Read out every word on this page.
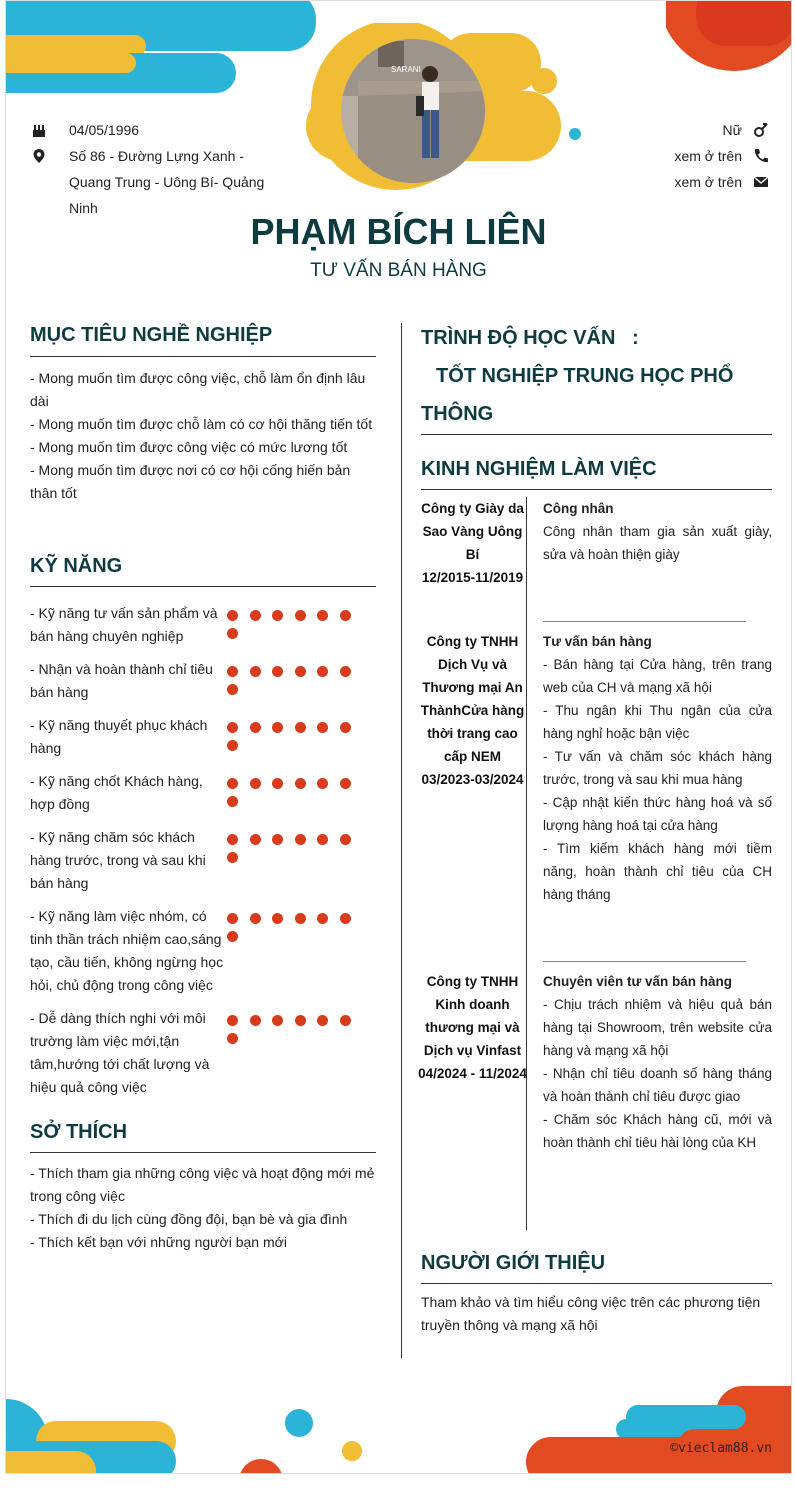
SARANI
04/05/1996
Số 86 - Đường Lựng Xanh - Quang Trung - Uông Bí- Quảng Ninh
Nữ
xem ở trên
xem ở trên
PHẠM BÍCH LIÊN
TƯ VẤN BÁN HÀNG
MỤC TIÊU NGHỀ NGHIỆP
- Mong muốn tìm được công việc, chỗ làm ổn định lâu dài
- Mong muốn tìm được chỗ làm có cơ hội thăng tiến tốt
- Mong muốn tìm được công việc có mức lương tốt
- Mong muốn tìm được nơi có cơ hội cống hiến bản thân tốt
KỸ NĂNG
- Kỹ năng tư vấn sản phẩm và bán hàng chuyên nghiệp
- Nhận và hoàn thành chỉ tiêu bán hàng
- Kỹ năng thuyết phục khách hàng
- Kỹ năng chốt Khách hàng, hợp đồng
- Kỹ năng chăm sóc khách hàng trước, trong và sau khi bán hàng
- Kỹ năng làm việc nhóm, có tinh thần trách nhiệm cao,sáng tạo, cầu tiến, không ngừng học hỏi, chủ động trong công việc
- Dễ dàng thích nghi với môi trường làm việc mới,tận tâm,hướng tới chất lượng và hiệu quả công việc
SỞ THÍCH
- Thích tham gia những công việc và hoạt động mới mẻ trong công việc
- Thích đi du lịch cùng đồng đội, bạn bè và gia đình
- Thích kết bạn với những người bạn mới
TRÌNH ĐỘ HỌC VẤN   :
TỐT NGHIỆP TRUNG HỌC PHỔ
THÔNG
KINH NGHIỆM LÀM VIỆC
Công ty Giày da Sao Vàng Uông Bí
12/2015-11/2019
Công nhân
Công nhân tham gia sản xuất giày, sửa và hoàn thiện giày
Công ty TNHH Dịch Vụ và Thương mại An ThànhCửa hàng thời trang cao cấp NEM
03/2023-03/2024
Tư vấn bán hàng
- Bán hàng tại Cửa hàng, trên trang web của CH và mạng xã hội
- Thu ngân khi Thu ngân của cửa hàng nghỉ hoặc bận việc
- Tư vấn và chăm sóc khách hàng trước, trong và sau khi mua hàng
- Cập nhật kiến thức hàng hoá và số lượng hàng hoá tại cửa hàng
- Tìm kiếm khách hàng mới tiềm năng, hoàn thành chỉ tiêu của CH hàng tháng
Công ty TNHH Kinh doanh thương mại và Dịch vụ Vinfast
04/2024 - 11/2024
Chuyên viên tư vấn bán hàng
- Chịu trách nhiệm và hiệu quả bán hàng tại Showroom, trên website cửa hàng và mạng xã hội
- Nhận chỉ tiêu doanh số hàng tháng và hoàn thành chỉ tiêu được giao
- Chăm sóc Khách hàng cũ, mới và hoàn thành chỉ tiêu hài lòng của KH
NGƯỜI GIỚI THIỆU
Tham khảo và tìm hiểu công việc trên các phương tiện truyền thông và mạng xã hội
©vieclam88.vn
